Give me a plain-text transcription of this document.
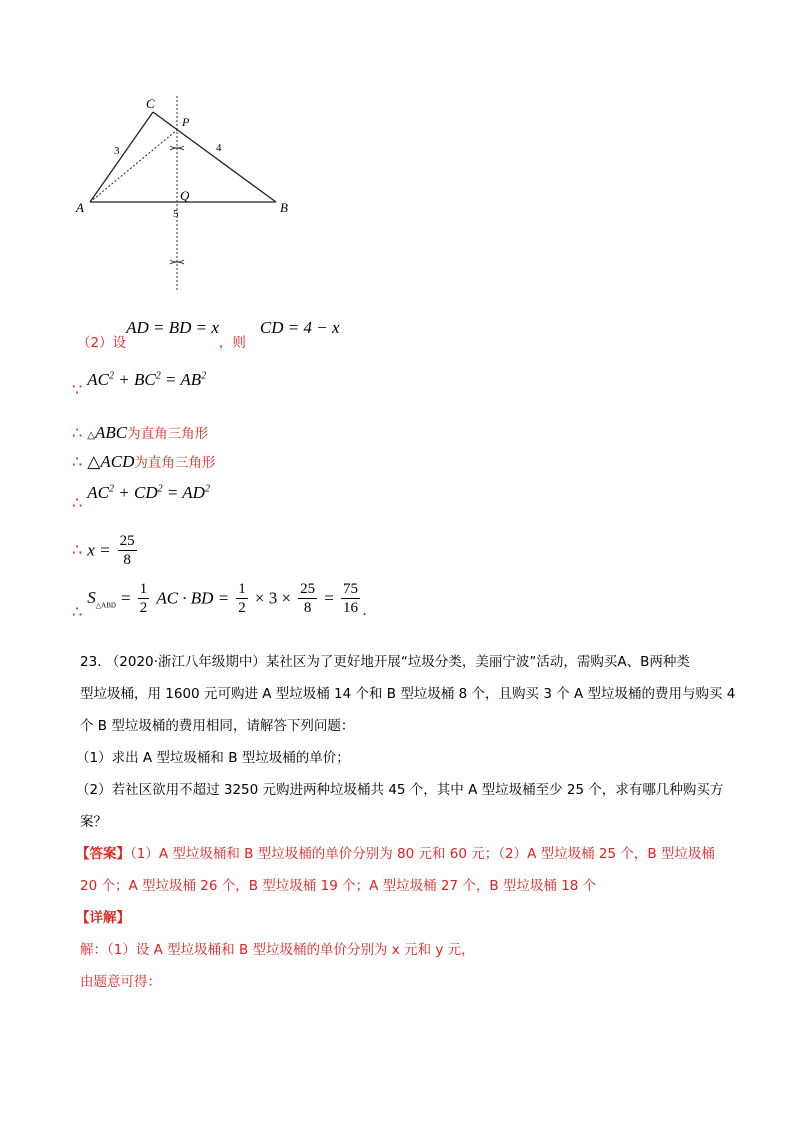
C
P
A
Q
B
3	4
5
$_{(2)设}$AD = BD = $x_{,则}CD = 4 - x$
∵ $AC^2 + BC^2 = AB^2$
∴ △ABC为直角三角形
∴ △ACD为直角三角形
∴ $AC^2 + CD^2 = AD^2$
∴ $x = \frac{25}{8}$
∴ $S_{\triangle ABD} = \frac{1}{2}$ AC · BD = $\frac{1}{2} \times 3 \times \frac{25}{8} = \frac{75}{16}$ .
23. （2020·浙江八年级期中）某社区为了更好地开展“垃圾分类，美丽宁波”活动，需购买A、B两种类
型垃圾桶，用 1600 元可购进 A 型垃圾桶 14 个和 B 型垃圾桶 8 个，且购买 3 个 A 型垃圾桶的费用与购买 4
个 B 型垃圾桶的费用相同，请解答下列问题：
（1）求出 A 型垃圾桶和 B 型垃圾桶的单价；
（2）若社区欲用不超过 3250 元购进两种垃圾桶共 45 个，其中 A 型垃圾桶至少 25 个，求有哪几种购买方
案？
【答案】（1）A 型垃圾桶和 B 型垃圾桶的单价分别为 80 元和 60 元；（2）A 型垃圾桶 25 个，B 型垃圾桶
20 个；A 型垃圾桶 26 个，B 型垃圾桶 19 个；A 型垃圾桶 27 个，B 型垃圾桶 18 个
【详解】
解：（1）设 A 型垃圾桶和 B 型垃圾桶的单价分别为 x 元和 y 元，
由题意可得：
